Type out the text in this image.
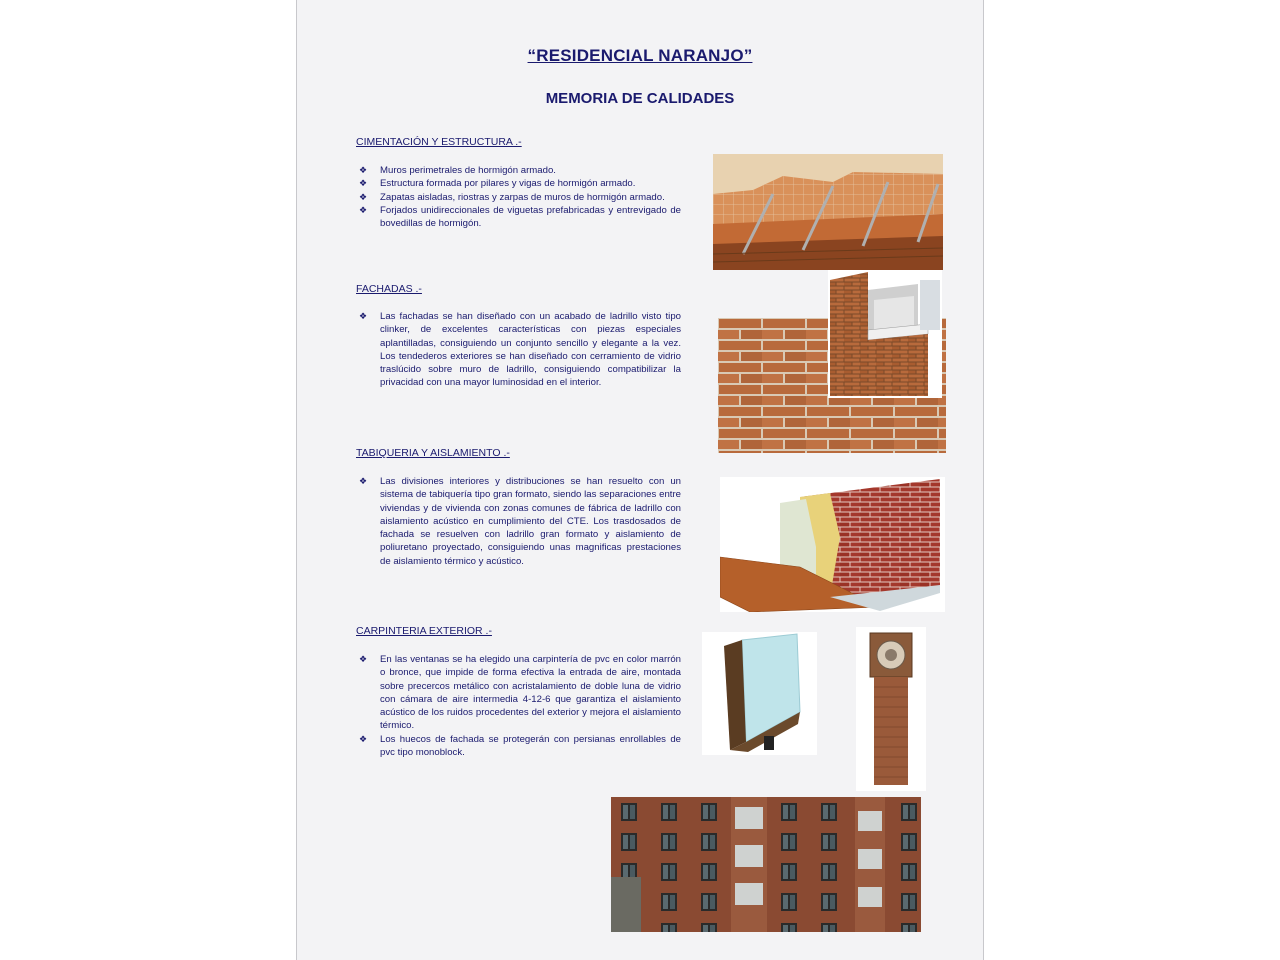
“RESIDENCIAL NARANJO”
MEMORIA DE CALIDADES
CIMENTACIÓN Y ESTRUCTURA .-
❖ Muros perimetrales de hormigón armado.
❖ Estructura formada por pilares y vigas de hormigón armado.
❖ Zapatas aisladas, riostras y zarpas de muros de hormigón armado.
❖ Forjados unidireccionales de viguetas prefabricadas y entrevigado de bovedillas de hormigón.
FACHADAS .-
❖ Las fachadas se han diseñado con un acabado de ladrillo visto tipo clinker, de excelentes características con piezas especiales aplantilladas, consiguiendo un conjunto sencillo y elegante a la vez. Los tendederos exteriores se han diseñado con cerramiento de vidrio traslúcido sobre muro de ladrillo, consiguiendo compatibilizar la privacidad con una mayor luminosidad en el interior.
TABIQUERIA Y AISLAMIENTO .-
❖ Las divisiones interiores y distribuciones se han resuelto con un sistema de tabiquería tipo gran formato, siendo las separaciones entre viviendas y de vivienda con zonas comunes de fábrica de ladrillo con aislamiento acústico en cumplimiento del CTE. Los trasdosados de fachada se resuelven con ladrillo gran formato y aislamiento de poliuretano proyectado, consiguiendo unas magnificas prestaciones de aislamiento térmico y acústico.
CARPINTERIA EXTERIOR .-
❖ En las ventanas se ha elegido una carpintería de pvc en color marrón o bronce, que impide de forma efectiva la entrada de aire, montada sobre precercos metálico con acristalamiento de doble luna de vidrio con cámara de aire intermedia 4-12-6 que garantiza el aislamiento acústico de los ruidos procedentes del exterior y mejora el aislamiento térmico.
❖ Los huecos de fachada se protegerán con persianas enrollables de pvc tipo monoblock.
